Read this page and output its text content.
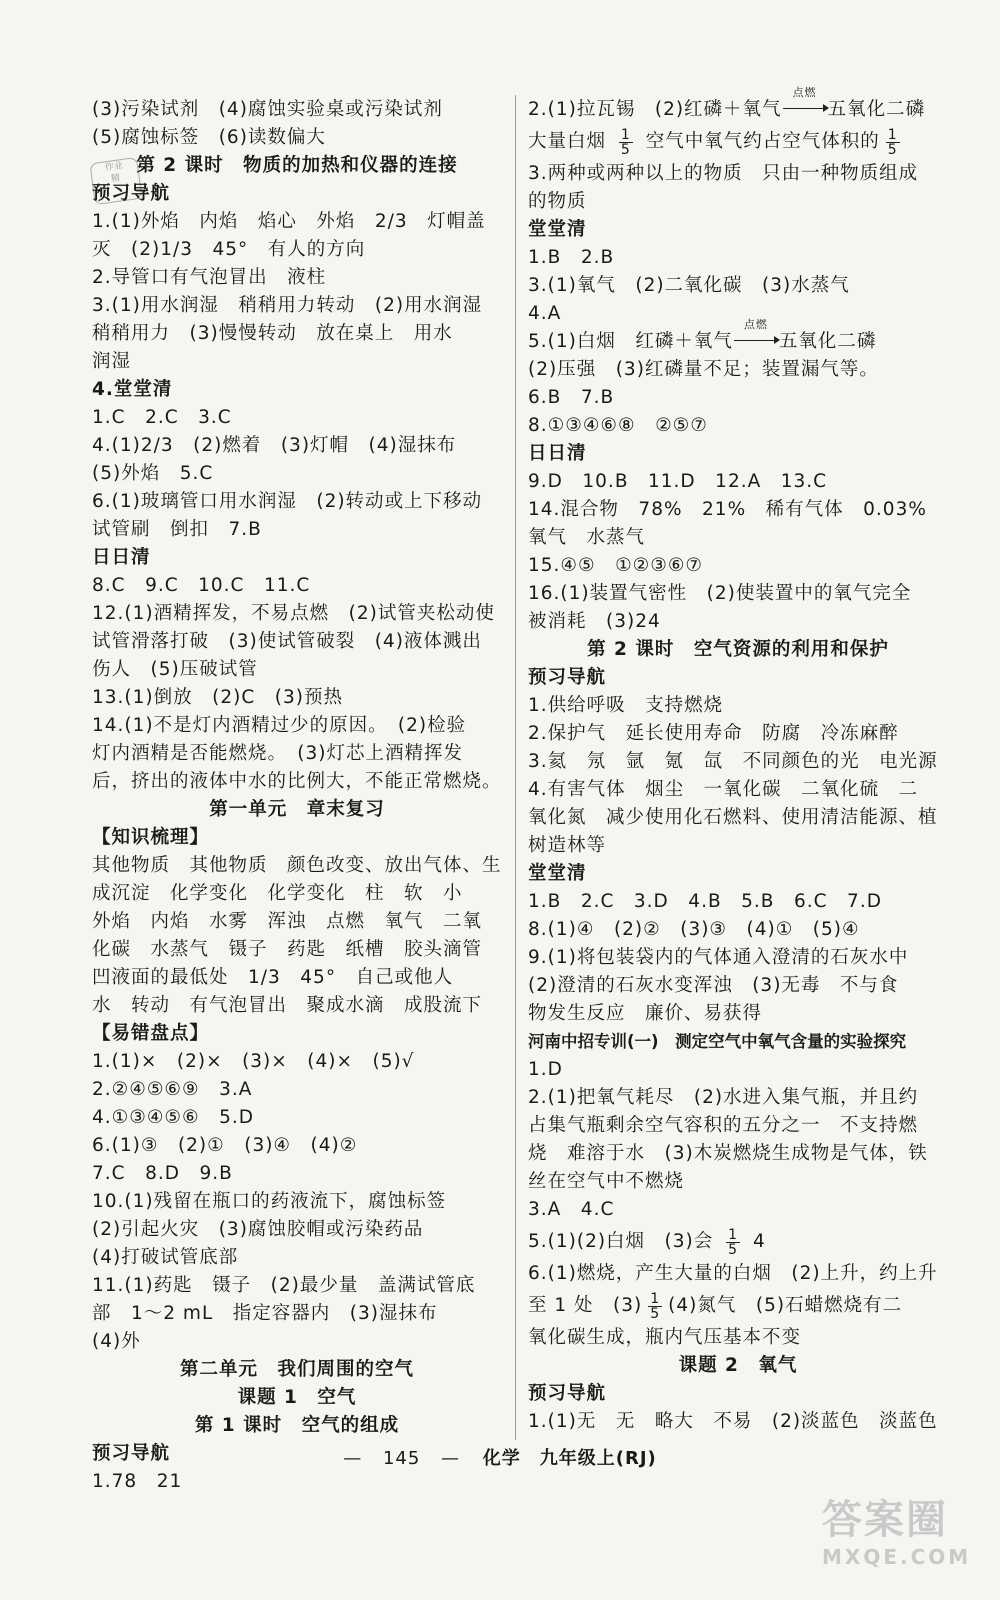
作业
精
(3)污染试剂　(4)腐蚀实验桌或污染试剂
(5)腐蚀标签　(6)读数偏大
第 2 课时　物质的加热和仪器的连接
预习导航
1.(1)外焰　内焰　焰心　外焰　2/3　灯帽盖
灭　(2)1/3　45°　有人的方向
2.导管口有气泡冒出　液柱
3.(1)用水润湿　稍稍用力转动　(2)用水润湿
稍稍用力　(3)慢慢转动　放在桌上　用水
润湿
4.堂堂清
1.C　2.C　3.C
4.(1)2/3　(2)燃着　(3)灯帽　(4)湿抹布
(5)外焰　5.C
6.(1)玻璃管口用水润湿　(2)转动或上下移动
试管刷　倒扣　7.B
日日清
8.C　9.C　10.C　11.C
12.(1)酒精挥发，不易点燃　(2)试管夹松动使
试管滑落打破　(3)使试管破裂　(4)液体溅出
伤人　(5)压破试管
13.(1)倒放　(2)C　(3)预热
14.(1)不是灯内酒精过少的原因。　(2)检验
灯内酒精是否能燃烧。　(3)灯芯上酒精挥发
后，挤出的液体中水的比例大，不能正常燃烧。
第一单元　章末复习
【知识梳理】
其他物质　其他物质　颜色改变、放出气体、生
成沉淀　化学变化　化学变化　柱　软　小
外焰　内焰　水雾　浑浊　点燃　氧气　二氧
化碳　水蒸气　镊子　药匙　纸槽　胶头滴管
凹液面的最低处　1/3　45°　自己或他人
水　转动　有气泡冒出　聚成水滴　成股流下
【易错盘点】
1.(1)×　(2)×　(3)×　(4)×　(5)√
2.②④⑤⑥⑨　3.A
4.①③④⑤⑥　5.D
6.(1)③　(2)①　(3)④　(4)②
7.C　8.D　9.B
10.(1)残留在瓶口的药液流下，腐蚀标签
(2)引起火灾　(3)腐蚀胶帽或污染药品
(4)打破试管底部
11.(1)药匙　镊子　(2)最少量　盖满试管底
部　1～2 mL　指定容器内　(3)湿抹布
(4)外
第二单元　我们周围的空气
课题 1　空气
第 1 课时　空气的组成
预习导航
1.78　21
2.(1)拉瓦锡　(2)红磷＋氧气
点燃
五氧化二磷
大量白烟 $\frac{1}{5}$ 空气中氧气约占空气体积的 $\frac{1}{5}$
3.两种或两种以上的物质　只由一种物质组成
的物质
堂堂清
1.B　2.B
3.(1)氧气　(2)二氧化碳　(3)水蒸气
4.A
5.(1)白烟　红磷＋氧气
点燃
五氧化二磷
(2)压强　(3)红磷量不足；装置漏气等。
6.B　7.B
8.①③④⑥⑧　②⑤⑦
日日清
9.D　10.B　11.D　12.A　13.C
14.混合物　78%　21%　稀有气体　0.03%
氧气　水蒸气
15.④⑤　①②③⑥⑦
16.(1)装置气密性　(2)使装置中的氧气完全
被消耗　(3)24
第 2 课时　空气资源的利用和保护
预习导航
1.供给呼吸　支持燃烧
2.保护气　延长使用寿命　防腐　冷冻麻醉
3.氦　氖　氩　氪　氙　不同颜色的光　电光源
4.有害气体　烟尘　一氧化碳　二氧化硫　二
氧化氮　减少使用化石燃料、使用清洁能源、植
树造林等
堂堂清
1.B　2.C　3.D　4.B　5.B　6.C　7.D
8.(1)④　(2)②　(3)③　(4)①　(5)④
9.(1)将包装袋内的气体通入澄清的石灰水中
(2)澄清的石灰水变浑浊　(3)无毒　不与食
物发生反应　廉价、易获得
河南中招专训(一)　测定空气中氧气含量的实验探究
1.D
2.(1)把氧气耗尽　(2)水进入集气瓶，并且约
占集气瓶剩余空气容积的五分之一　不支持燃
烧　难溶于水　(3)木炭燃烧生成物是气体，铁
丝在空气中不燃烧
3.A　4.C
5.(1)(2)白烟　(3)会 $\frac{1}{5} 4$
6.(1)燃烧，产生大量的白烟　(2)上升，约上升
至 1 处　$(3) \frac{1}{5} (4)$氮气　(5)石蜡燃烧有二
氧化碳生成，瓶内气压基本不变
课题 2　氧气
预习导航
1.(1)无　无　略大　不易　(2)淡蓝色　淡蓝色
— 145 — 化学　九年级上(RJ)
答案圈
MXQE.COM
